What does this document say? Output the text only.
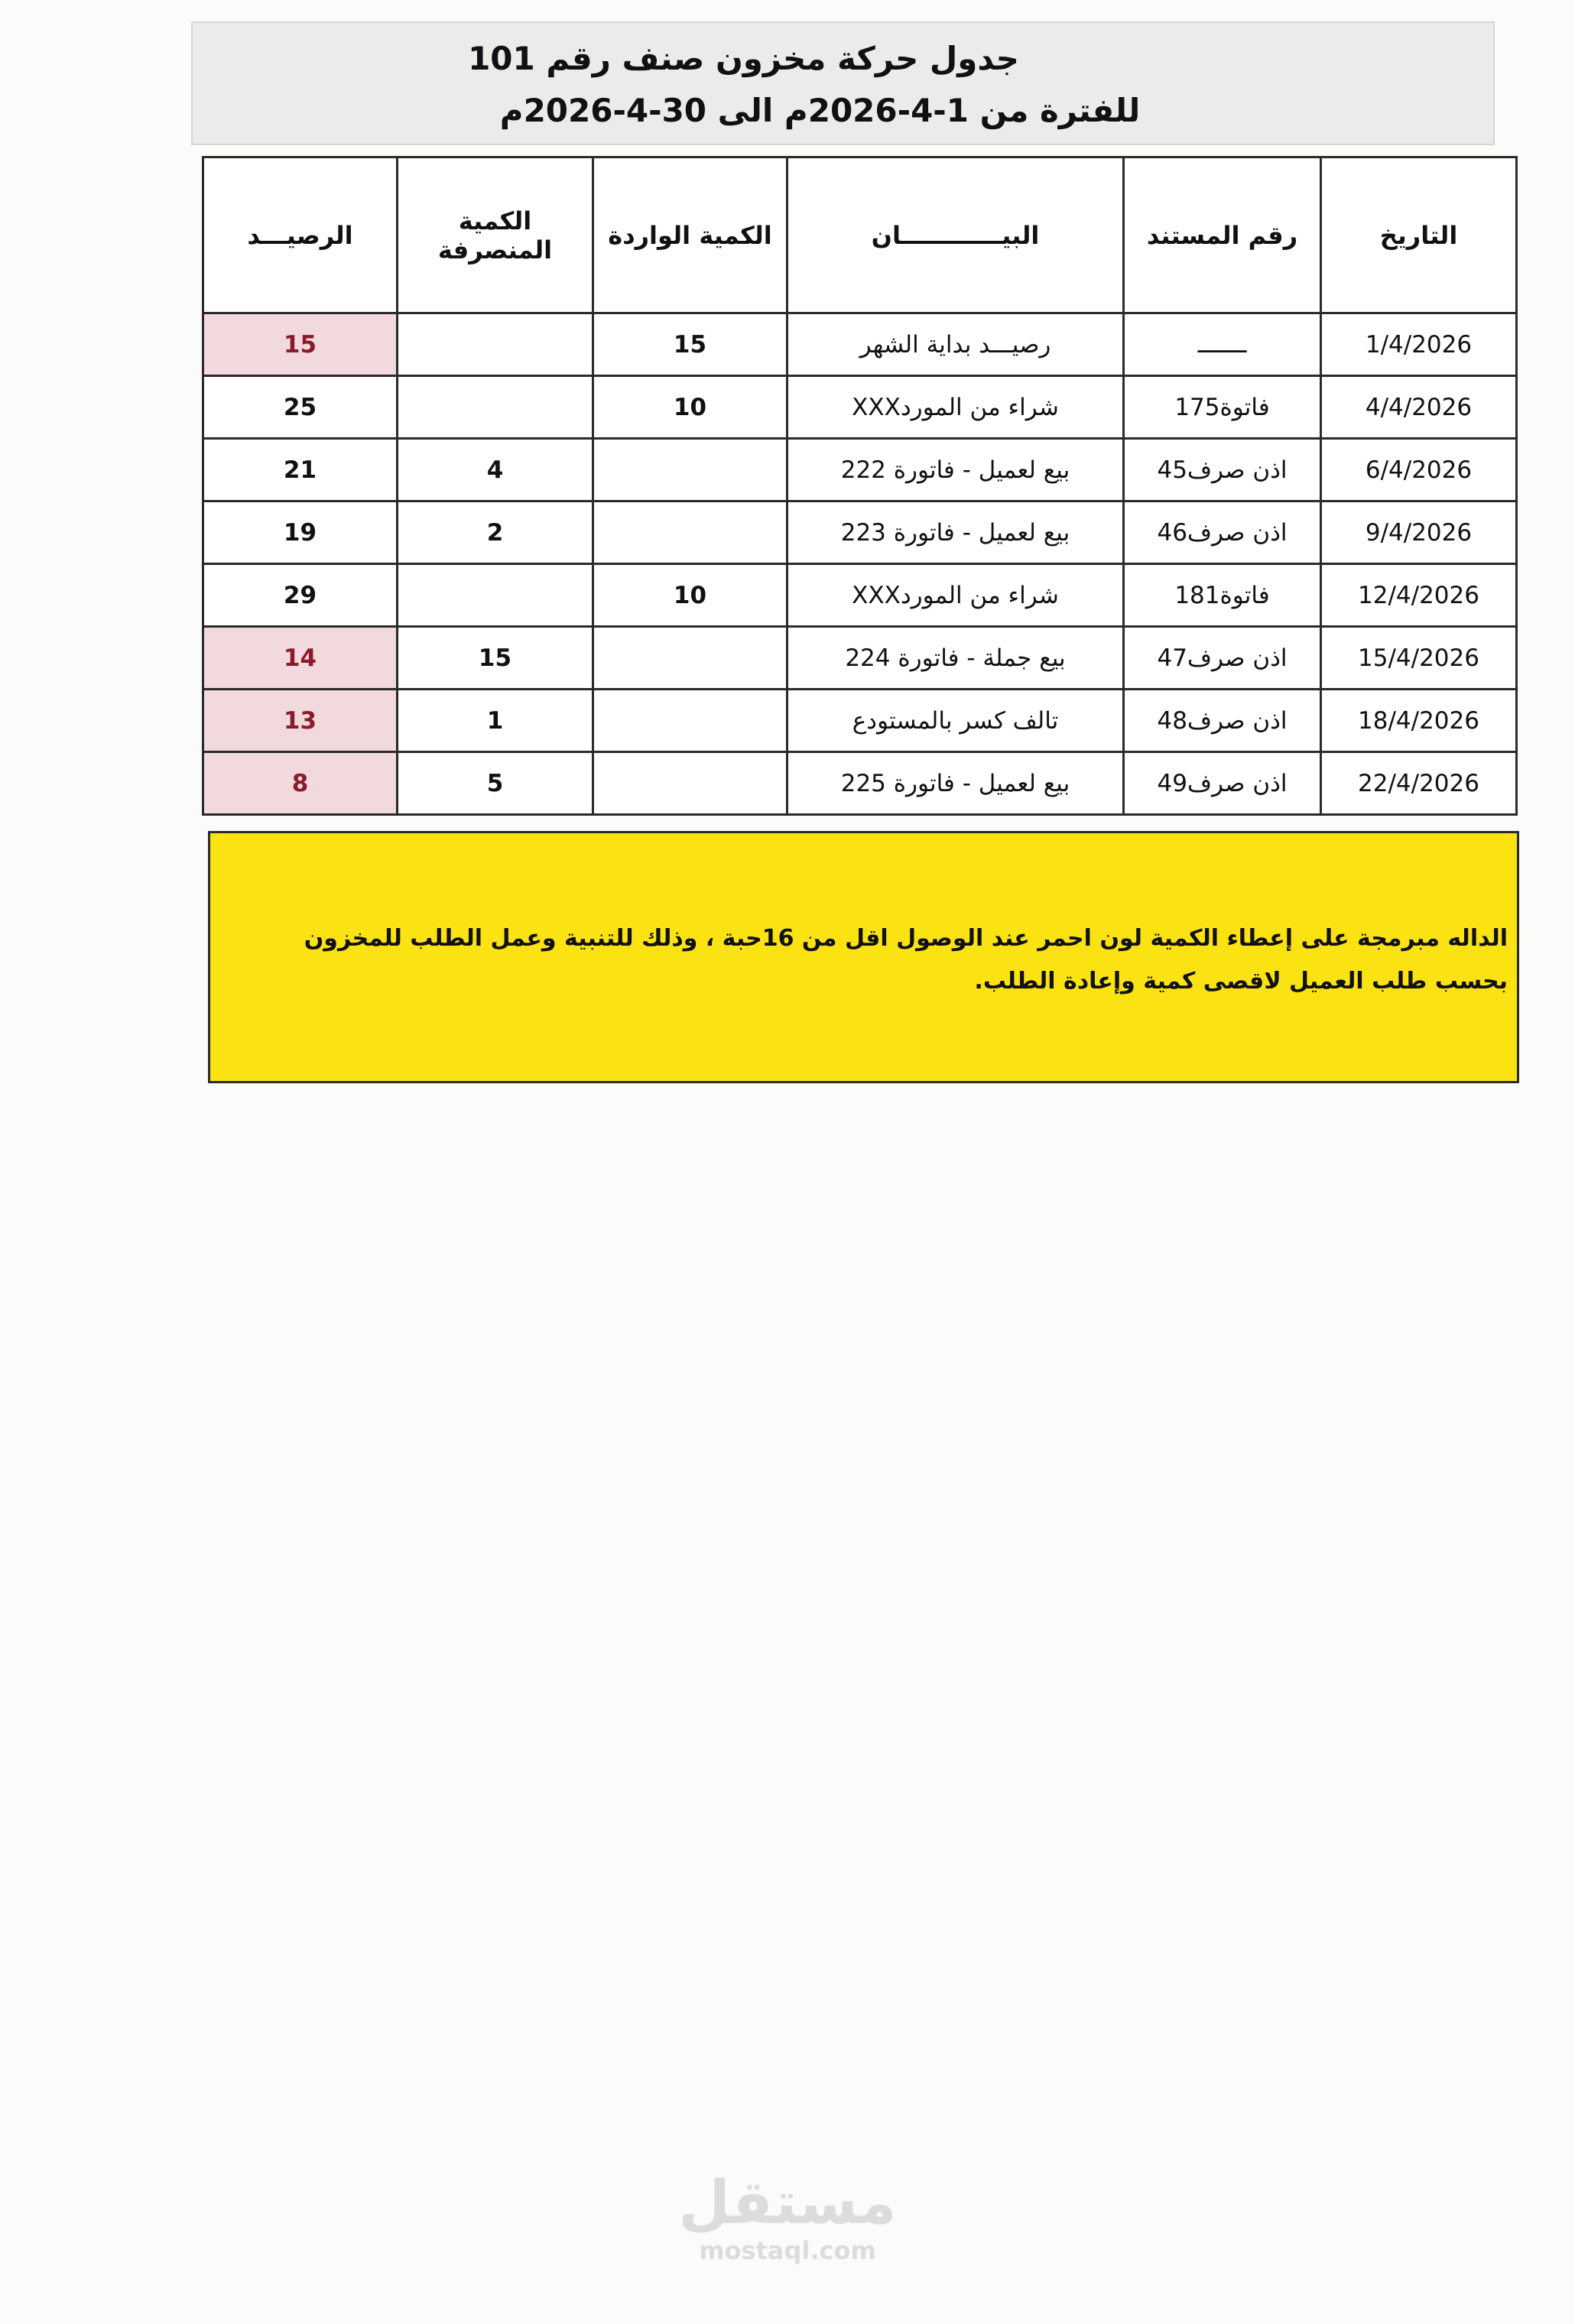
جدول حركة مخزون صنف رقم 101
للفترة من 1-4-2026م الى 30-4-2026م
التاريخ	رقم المستند	البيــــــــــــان	الكمية الواردة	الكمية المنصرفة	الرصيـــد
1/4/2026	ـــــــ	رصيـــد بداية الشهر	15		15
4/4/2026	فاتوة175	شراء من الموردXXX	10		25
6/4/2026	اذن صرف45	بيع لعميل - فاتورة 222		4	21
9/4/2026	اذن صرف46	بيع لعميل - فاتورة 223		2	19
12/4/2026	فاتوة181	شراء من الموردXXX	10		29
15/4/2026	اذن صرف47	بيع جملة - فاتورة 224		15	14
18/4/2026	اذن صرف48	تالف كسر بالمستودع		1	13
22/4/2026	اذن صرف49	بيع لعميل - فاتورة 225		5	8
الداله مبرمجة على إعطاء الكمية لون احمر عند الوصول اقل من 16حبة ، وذلك للتنبية وعمل الطلب للمخزون بحسب طلب العميل لاقصى كمية وإعادة الطلب.
مستقل
mostaql.com
